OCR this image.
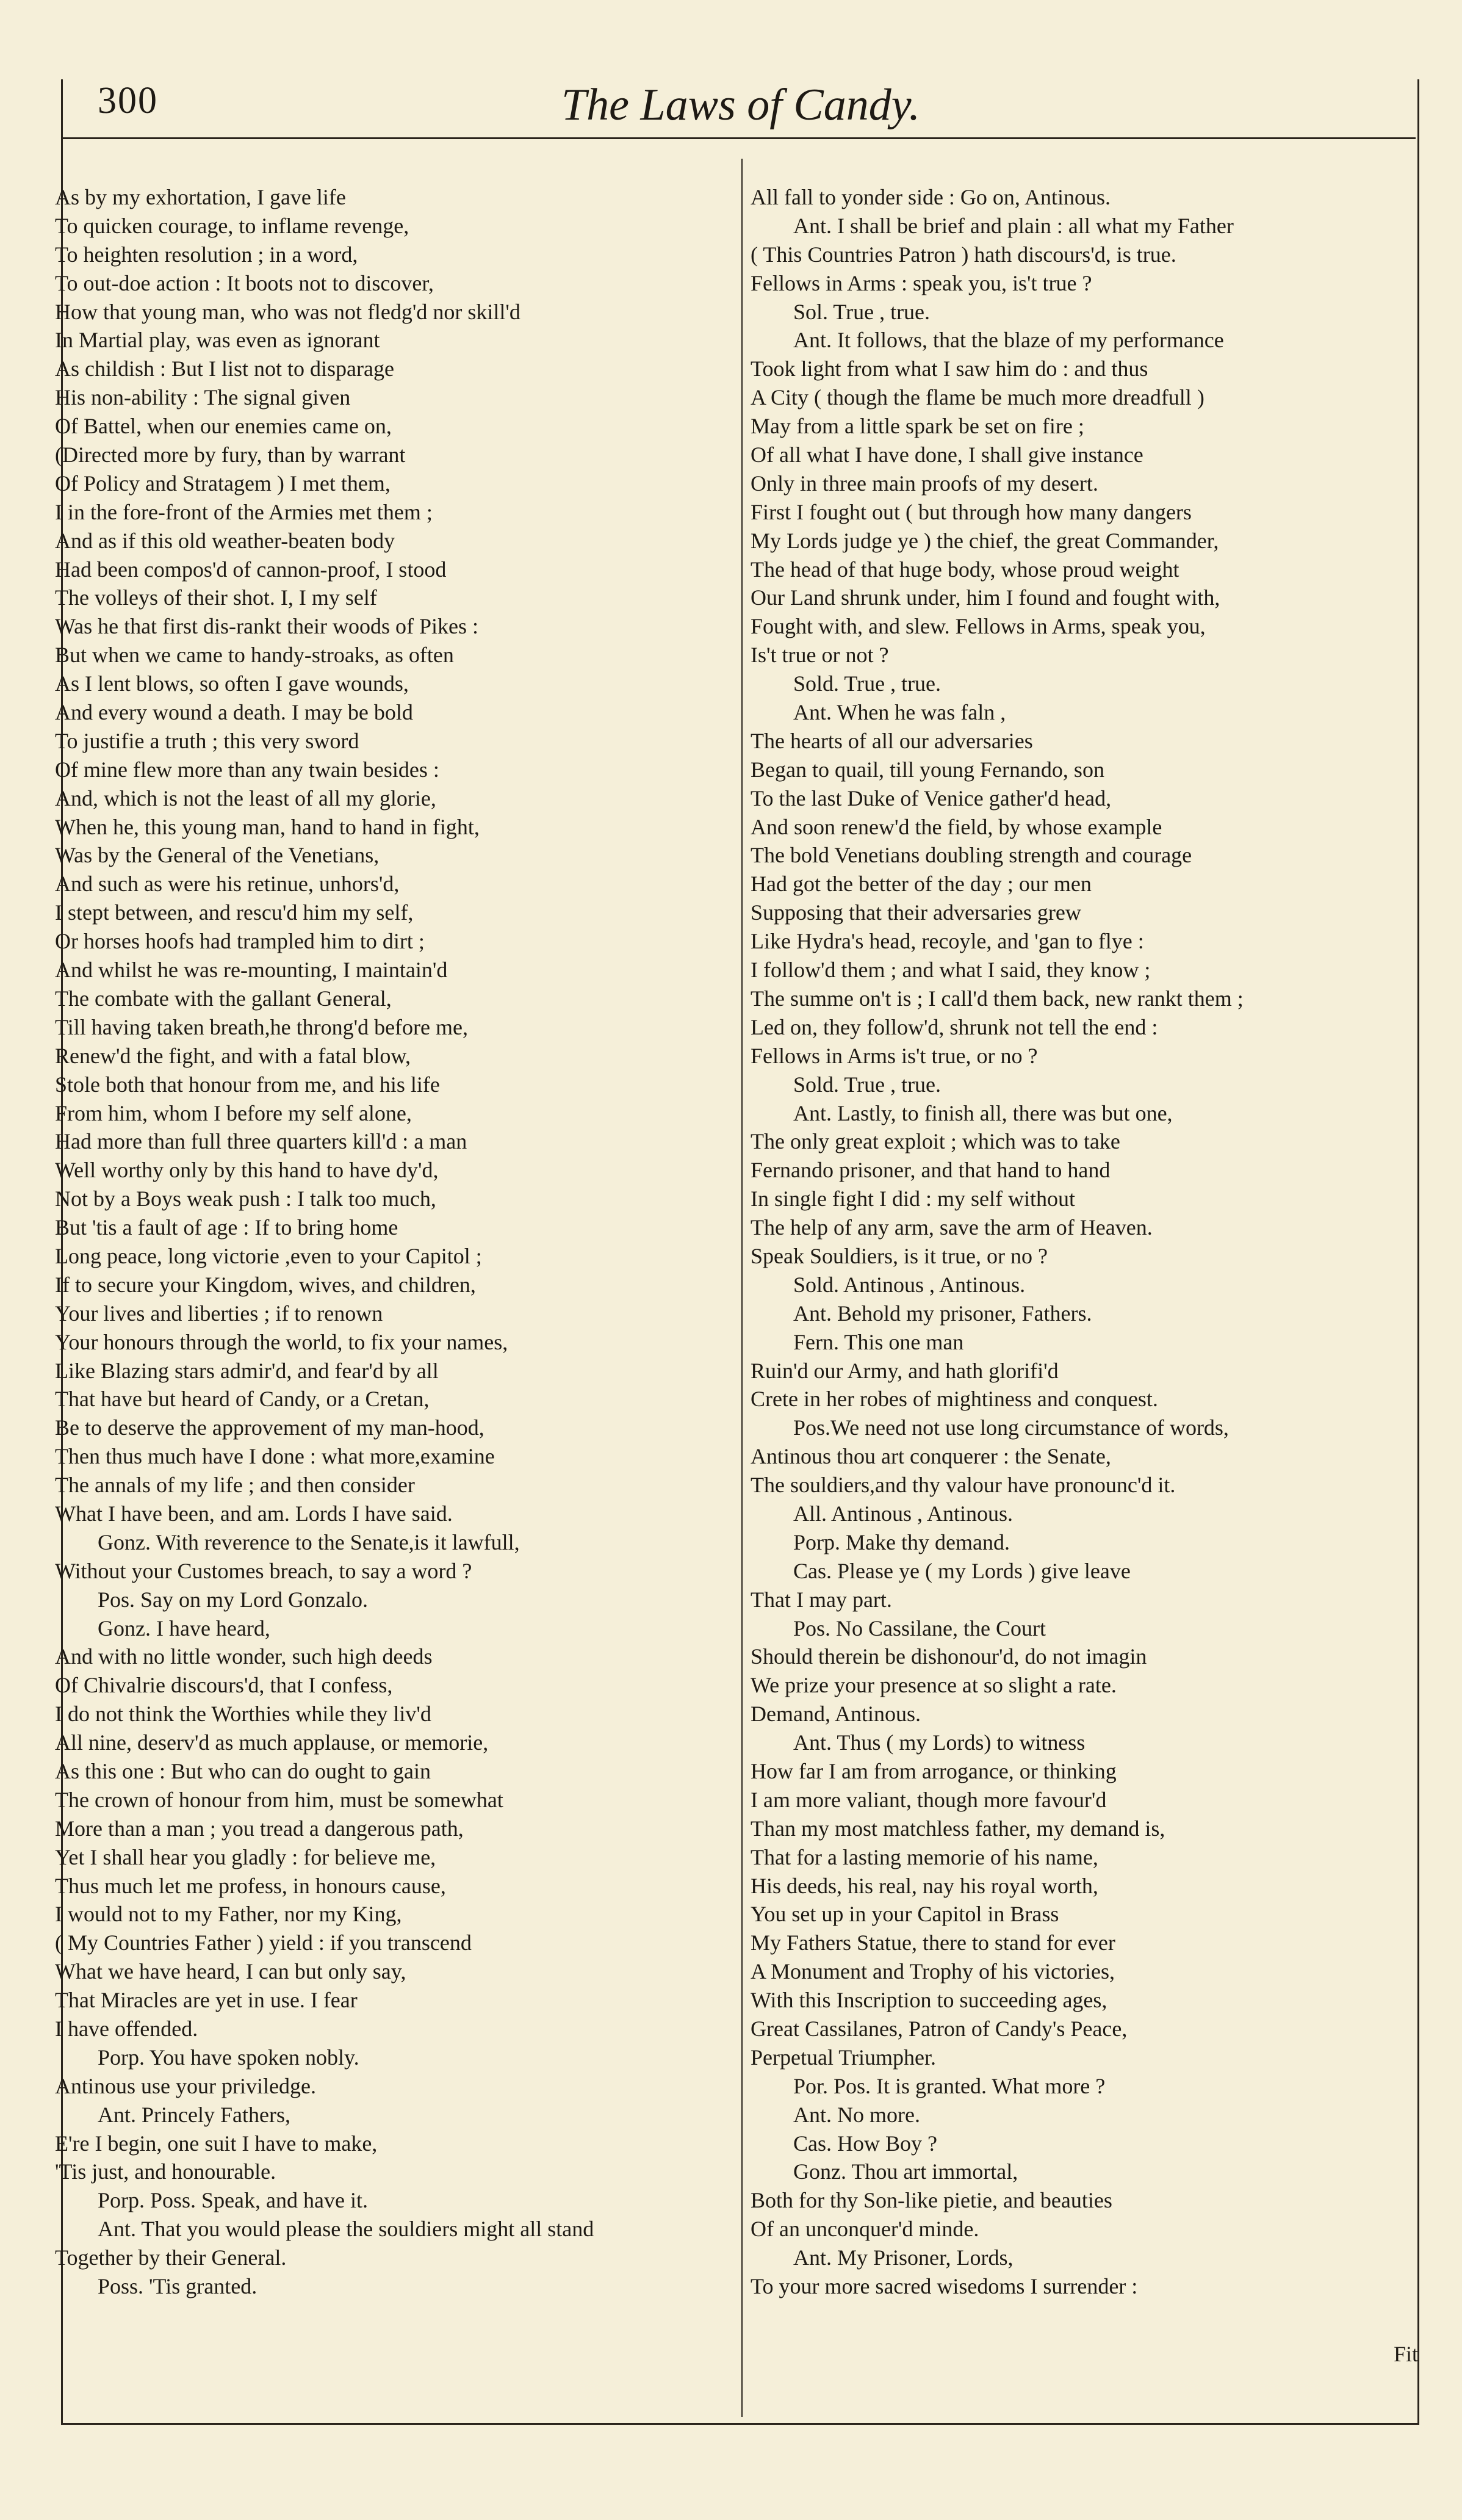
300	The Laws of Candy.
As by my exhortation, I gave life
To quicken courage, to inflame revenge,
To heighten resolution ; in a word,
To out-doe action : It boots not to discover,
How that young man, who was not fledg'd nor skill'd
In Martial play, was even as ignorant
As childish : But I list not to disparage
His non-ability : The signal given
Of Battel, when our enemies came on,
(Directed more by fury, than by warrant
Of Policy and Stratagem ) I met them,
I in the fore-front of the Armies met them ;
And as if this old weather-beaten body
Had been compos'd of cannon-proof, I stood
The volleys of their shot. I, I my self
Was he that first dis-rankt their woods of Pikes :
But when we came to handy-stroaks, as often
As I lent blows, so often I gave wounds,
And every wound a death. I may be bold
To justifie a truth ; this very sword
Of mine flew more than any twain besides :
And, which is not the least of all my glorie,
When he, this young man, hand to hand in fight,
Was by the General of the Venetians,
And such as were his retinue, unhors'd,
I stept between, and rescu'd him my self,
Or horses hoofs had trampled him to dirt ;
And whilst he was re-mounting, I maintain'd
The combate with the gallant General,
Till having taken breath,he throng'd before me,
Renew'd the fight, and with a fatal blow,
Stole both that honour from me, and his life
From him, whom I before my self alone,
Had more than full three quarters kill'd : a man
Well worthy only by this hand to have dy'd,
Not by a Boys weak push : I talk too much,
But 'tis a fault of age : If to bring home
Long peace, long victorie ,even to your Capitol ;
If to secure your Kingdom, wives, and children,
Your lives and liberties ; if to renown
Your honours through the world, to fix your names,
Like Blazing stars admir'd, and fear'd by all
That have but heard of Candy, or a Cretan,
Be to deserve the approvement of my man-hood,
Then thus much have I done : what more,examine
The annals of my life ; and then consider
What I have been, and am. Lords I have said.
Gonz. With reverence to the Senate,is it lawfull,
Without your Customes breach, to say a word ?
Pos. Say on my Lord Gonzalo.
Gonz. I have heard,
And with no little wonder, such high deeds
Of Chivalrie discours'd, that I confess,
I do not think the Worthies while they liv'd
All nine, deserv'd as much applause, or memorie,
As this one : But who can do ought to gain
The crown of honour from him, must be somewhat
More than a man ; you tread a dangerous path,
Yet I shall hear you gladly : for believe me,
Thus much let me profess, in honours cause,
I would not to my Father, nor my King,
( My Countries Father ) yield : if you transcend
What we have heard, I can but only say,
That Miracles are yet in use. I fear
I have offended.
Porp. You have spoken nobly.
Antinous use your priviledge.
Ant. Princely Fathers,
E're I begin, one suit I have to make,
'Tis just, and honourable.
Porp. Poss. Speak, and have it.
Ant. That you would please the souldiers might all stand
Together by their General.
Poss. 'Tis granted.
All fall to yonder side : Go on, Antinous.
Ant. I shall be brief and plain : all what my Father
( This Countries Patron ) hath discours'd, is true.
Fellows in Arms : speak you, is't true ?
Sol. True , true.
Ant. It follows, that the blaze of my performance
Took light from what I saw him do : and thus
A City ( though the flame be much more dreadfull )
May from a little spark be set on fire ;
Of all what I have done, I shall give instance
Only in three main proofs of my desert.
First I fought out ( but through how many dangers
My Lords judge ye ) the chief, the great Commander,
The head of that huge body, whose proud weight
Our Land shrunk under, him I found and fought with,
Fought with, and slew. Fellows in Arms, speak you,
Is't true or not ?
Sold. True , true.
Ant. When he was faln ,
The hearts of all our adversaries
Began to quail, till young Fernando, son
To the last Duke of Venice gather'd head,
And soon renew'd the field, by whose example
The bold Venetians doubling strength and courage
Had got the better of the day ; our men
Supposing that their adversaries grew
Like Hydra's head, recoyle, and 'gan to flye :
I follow'd them ; and what I said, they know ;
The summe on't is ; I call'd them back, new rankt them ;
Led on, they follow'd, shrunk not tell the end :
Fellows in Arms is't true, or no ?
Sold. True , true.
Ant. Lastly, to finish all, there was but one,
The only great exploit ; which was to take
Fernando prisoner, and that hand to hand
In single fight I did : my self without
The help of any arm, save the arm of Heaven.
Speak Souldiers, is it true, or no ?
Sold. Antinous , Antinous.
Ant. Behold my prisoner, Fathers.
Fern. This one man
Ruin'd our Army, and hath glorifi'd
Crete in her robes of mightiness and conquest.
Pos.We need not use long circumstance of words,
Antinous thou art conquerer : the Senate,
The souldiers,and thy valour have pronounc'd it.
All. Antinous , Antinous.
Porp. Make thy demand.
Cas. Please ye ( my Lords ) give leave
That I may part.
Pos. No Cassilane, the Court
Should therein be dishonour'd, do not imagin
We prize your presence at so slight a rate.
Demand, Antinous.
Ant. Thus ( my Lords) to witness
How far I am from arrogance, or thinking
I am more valiant, though more favour'd
Than my most matchless father, my demand is,
That for a lasting memorie of his name,
His deeds, his real, nay his royal worth,
You set up in your Capitol in Brass
My Fathers Statue, there to stand for ever
A Monument and Trophy of his victories,
With this Inscription to succeeding ages,
Great Cassilanes, Patron of Candy's Peace,
Perpetual Triumpher.
Por. Pos. It is granted. What more ?
Ant. No more.
Cas. How Boy ?
Gonz. Thou art immortal,
Both for thy Son-like pietie, and beauties
Of an unconquer'd minde.
Ant. My Prisoner, Lords,
To your more sacred wisedoms I surrender :
Fit
